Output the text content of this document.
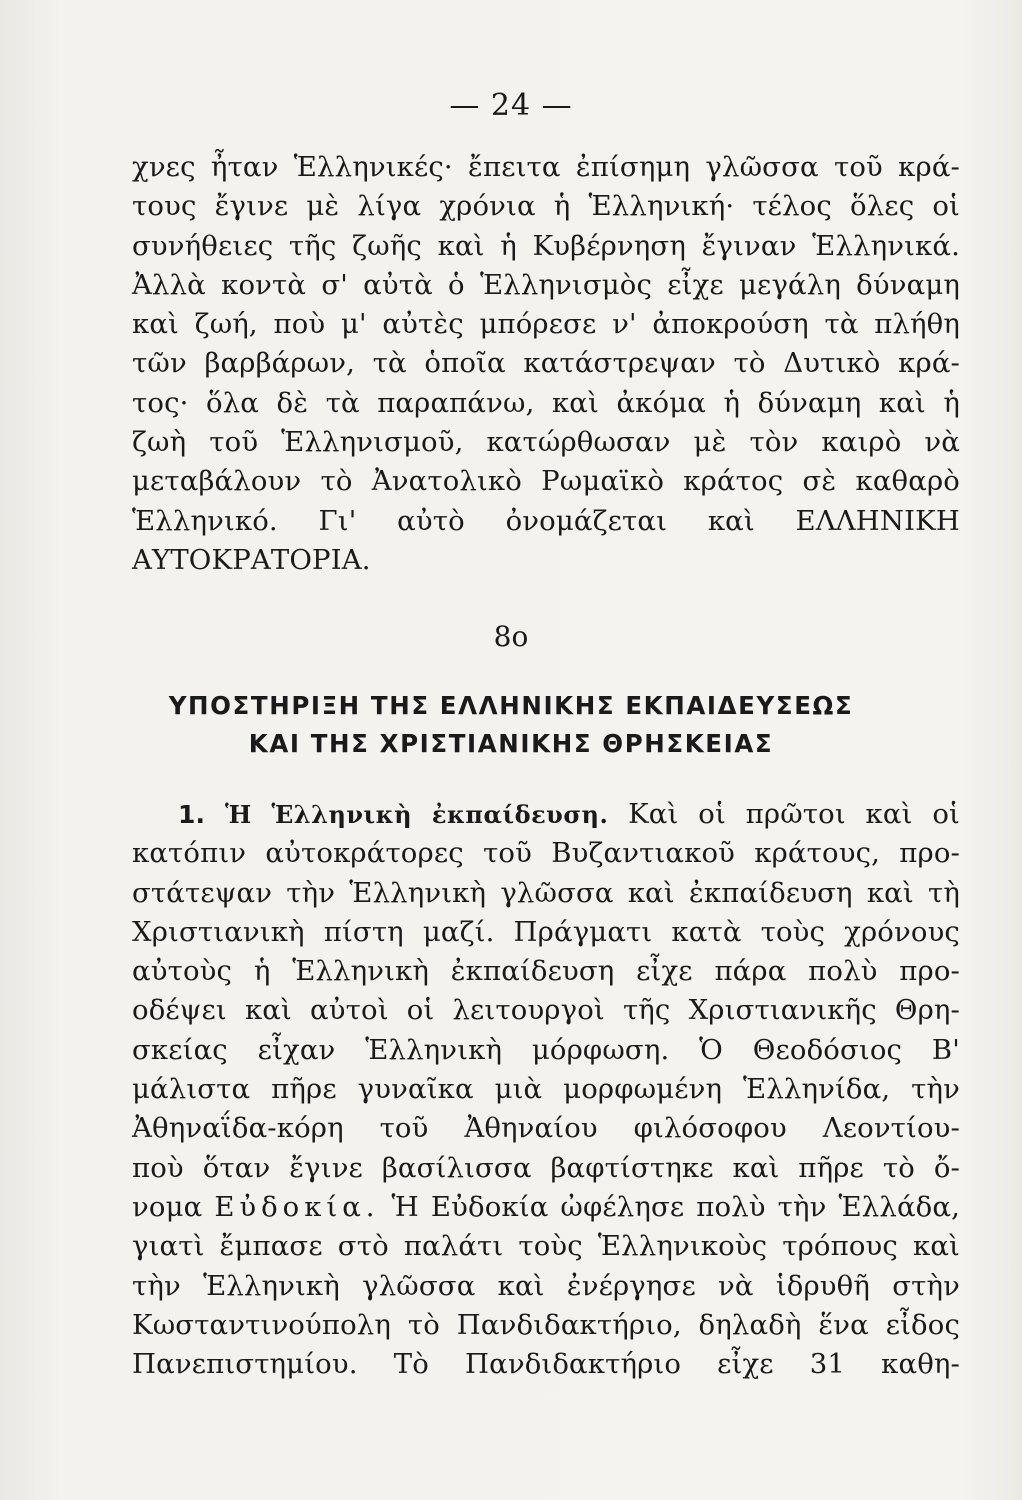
— 24 —
χνες ἦταν Ἑλληνικές· ἔπειτα ἐπίσημη γλῶσσα τοῦ κρά-
τους ἔγινε μὲ λίγα χρόνια ἡ Ἑλληνική· τέλος ὅλες οἱ
συνήθειες τῆς ζωῆς καὶ ἡ Κυβέρνηση ἔγιναν Ἑλληνικά.
Ἀλλὰ κοντὰ σ' αὐτὰ ὁ Ἑλληνισμὸς εἶχε μεγάλη δύναμη
καὶ ζωή, ποὺ μ' αὐτὲς μπόρεσε ν' ἀποκρούση τὰ πλήθη
τῶν βαρβάρων, τὰ ὁποῖα κατάστρεψαν τὸ Δυτικὸ κρά-
τος· ὅλα δὲ τὰ παραπάνω, καὶ ἀκόμα ἡ δύναμη καὶ ἡ
ζωὴ τοῦ Ἑλληνισμοῦ, κατώρθωσαν μὲ τὸν καιρὸ νὰ
μεταβάλουν τὸ Ἀνατολικὸ Ρωμαϊκὸ κράτος σὲ καθαρὸ
Ἑλληνικό. Γι' αὐτὸ ὀνομάζεται καὶ ΕΛΛΗΝΙΚΗ
ΑΥΤΟΚΡΑΤΟΡΙΑ.
8ο
ΥΠΟΣΤΗΡΙΞΗ ΤΗΣ ΕΛΛΗΝΙΚΗΣ ΕΚΠΑΙΔΕΥΣΕΩΣ
ΚΑΙ ΤΗΣ ΧΡΙΣΤΙΑΝΙΚΗΣ ΘΡΗΣΚΕΙΑΣ
1. Ἡ Ἑλληνικὴ ἐκπαίδευση. Καὶ οἱ πρῶτοι καὶ οἱ
κατόπιν αὐτοκράτορες τοῦ Βυζαντιακοῦ κράτους, προ-
στάτεψαν τὴν Ἑλληνικὴ γλῶσσα καὶ ἐκπαίδευση καὶ τὴ
Χριστιανικὴ πίστη μαζί. Πράγματι κατὰ τοὺς χρόνους
αὐτοὺς ἡ Ἑλληνικὴ ἐκπαίδευση εἶχε πάρα πολὺ προ-
οδέψει καὶ αὐτοὶ οἱ λειτουργοὶ τῆς Χριστιανικῆς Θρη-
σκείας εἶχαν Ἑλληνικὴ μόρφωση. Ὁ Θεοδόσιος Β'
μάλιστα πῆρε γυναῖκα μιὰ μορφωμένη Ἑλληνίδα, τὴν
Ἀθηναΐδα-κόρη τοῦ Ἀθηναίου φιλόσοφου Λεοντίου-
ποὺ ὅταν ἔγινε βασίλισσα βαφτίστηκε καὶ πῆρε τὸ ὄ-
νομα Εὐδοκία. Ἡ Εὐδοκία ὠφέλησε πολὺ τὴν Ἑλλάδα,
γιατὶ ἔμπασε στὸ παλάτι τοὺς Ἑλληνικοὺς τρόπους καὶ
τὴν Ἑλληνικὴ γλῶσσα καὶ ἐνέργησε νὰ ἱδρυθῆ στὴν
Κωσταντινούπολη τὸ Πανδιδακτήριο, δηλαδὴ ἕνα εἶδος
Πανεπιστημίου. Τὸ Πανδιδακτήριο εἶχε 31 καθη-
